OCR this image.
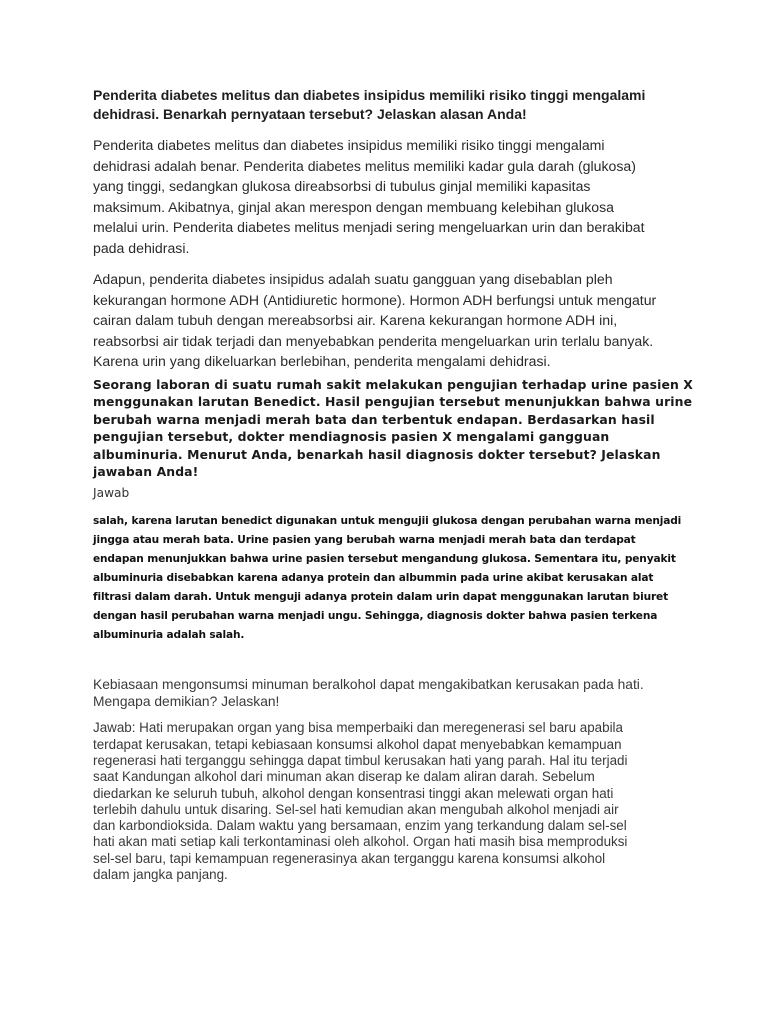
Penderita diabetes melitus dan diabetes insipidus memiliki risiko tinggi mengalami
dehidrasi. Benarkah pernyataan tersebut? Jelaskan alasan Anda!

Penderita diabetes melitus dan diabetes insipidus memiliki risiko tinggi mengalami
dehidrasi adalah benar. Penderita diabetes melitus memiliki kadar gula darah (glukosa)
yang tinggi, sedangkan glukosa direabsorbsi di tubulus ginjal memiliki kapasitas
maksimum. Akibatnya, ginjal akan merespon dengan membuang kelebihan glukosa
melalui urin. Penderita diabetes melitus menjadi sering mengeluarkan urin dan berakibat
pada dehidrasi.

Adapun, penderita diabetes insipidus adalah suatu gangguan yang disebablan pleh
kekurangan hormone ADH (Antidiuretic hormone). Hormon ADH berfungsi untuk mengatur
cairan dalam tubuh dengan mereabsorbsi air. Karena kekurangan hormone ADH ini,
reabsorbsi air tidak terjadi dan menyebabkan penderita mengeluarkan urin terlalu banyak.
Karena urin yang dikeluarkan berlebihan, penderita mengalami dehidrasi.

Seorang laboran di suatu rumah sakit melakukan pengujian terhadap urine pasien X
menggunakan larutan Benedict. Hasil pengujian tersebut menunjukkan bahwa urine
berubah warna menjadi merah bata dan terbentuk endapan. Berdasarkan hasil
pengujian tersebut, dokter mendiagnosis pasien X mengalami gangguan
albuminuria. Menurut Anda, benarkah hasil diagnosis dokter tersebut? Jelaskan
jawaban Anda!

Jawab

salah, karena larutan benedict digunakan untuk mengujii glukosa dengan perubahan warna menjadi
jingga atau merah bata. Urine pasien yang berubah warna menjadi merah bata dan terdapat
endapan menunjukkan bahwa urine pasien tersebut mengandung glukosa. Sementara itu, penyakit
albuminuria disebabkan karena adanya protein dan albummin pada urine akibat kerusakan alat
filtrasi dalam darah. Untuk menguji adanya protein dalam urin dapat menggunakan larutan biuret
dengan hasil perubahan warna menjadi ungu. Sehingga, diagnosis dokter bahwa pasien terkena
albuminuria adalah salah.

Kebiasaan mengonsumsi minuman beralkohol dapat mengakibatkan kerusakan pada hati.
Mengapa demikian? Jelaskan!

Jawab: Hati merupakan organ yang bisa memperbaiki dan meregenerasi sel baru apabila
terdapat kerusakan, tetapi kebiasaan konsumsi alkohol dapat menyebabkan kemampuan
regenerasi hati terganggu sehingga dapat timbul kerusakan hati yang parah. Hal itu terjadi
saat Kandungan alkohol dari minuman akan diserap ke dalam aliran darah. Sebelum
diedarkan ke seluruh tubuh, alkohol dengan konsentrasi tinggi akan melewati organ hati
terlebih dahulu untuk disaring. Sel-sel hati kemudian akan mengubah alkohol menjadi air
dan karbondioksida. Dalam waktu yang bersamaan, enzim yang terkandung dalam sel-sel
hati akan mati setiap kali terkontaminasi oleh alkohol. Organ hati masih bisa memproduksi
sel-sel baru, tapi kemampuan regenerasinya akan terganggu karena konsumsi alkohol
dalam jangka panjang.
